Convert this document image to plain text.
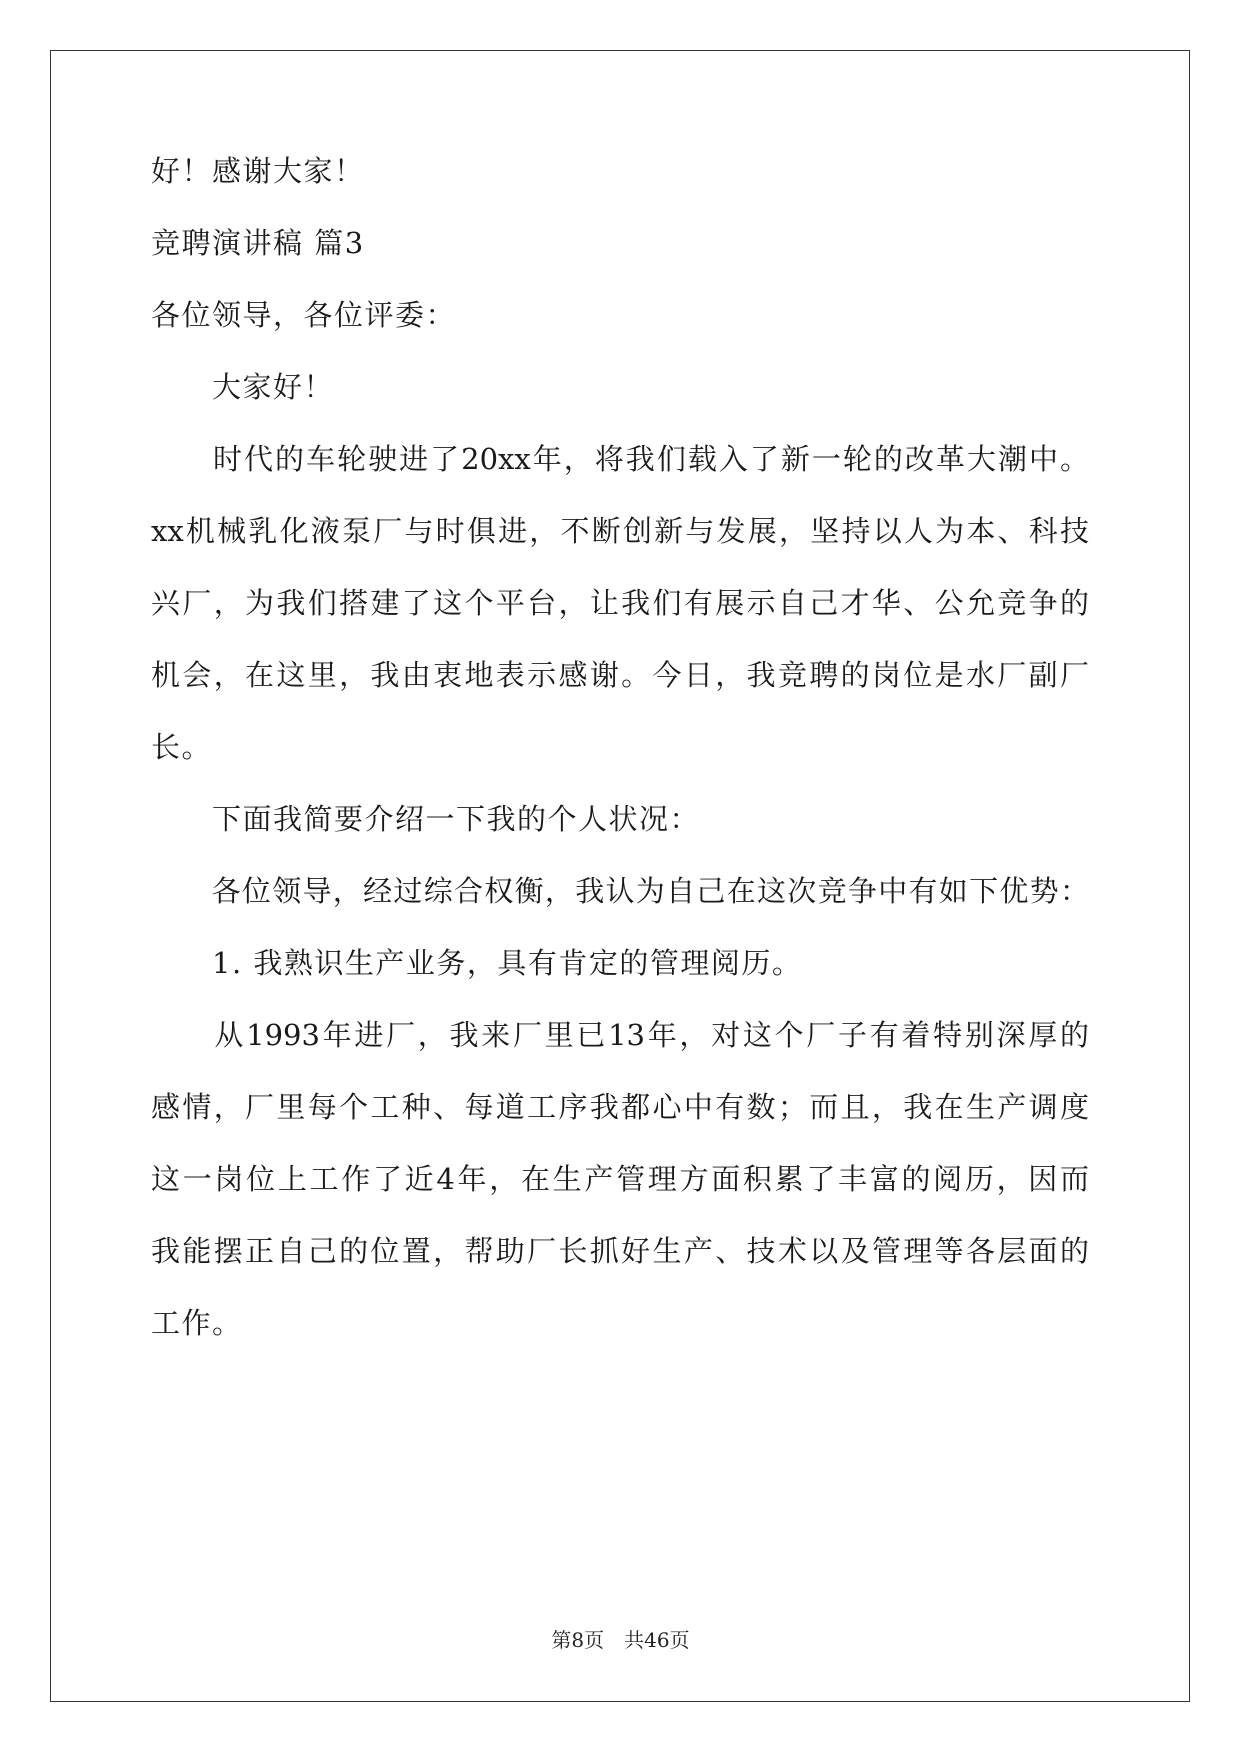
好！感谢大家！
竞聘演讲稿 篇3
各位领导，各位评委：
　　大家好！
　　时代的车轮驶进了20xx年，将我们载入了新一轮的改革大潮中。
xx机械乳化液泵厂与时俱进，不断创新与发展，坚持以人为本、科技
兴厂，为我们搭建了这个平台，让我们有展示自己才华、公允竞争的
机会，在这里，我由衷地表示感谢。今日，我竞聘的岗位是水厂副厂
长。
　　下面我简要介绍一下我的个人状况：
　　各位领导，经过综合权衡，我认为自己在这次竞争中有如下优势：
　　1. 我熟识生产业务，具有肯定的管理阅历。
　　从1993年进厂，我来厂里已13年，对这个厂子有着特别深厚的
感情，厂里每个工种、每道工序我都心中有数；而且，我在生产调度
这一岗位上工作了近4年，在生产管理方面积累了丰富的阅历，因而
我能摆正自己的位置，帮助厂长抓好生产、技术以及管理等各层面的
工作。
第8页 共46页
